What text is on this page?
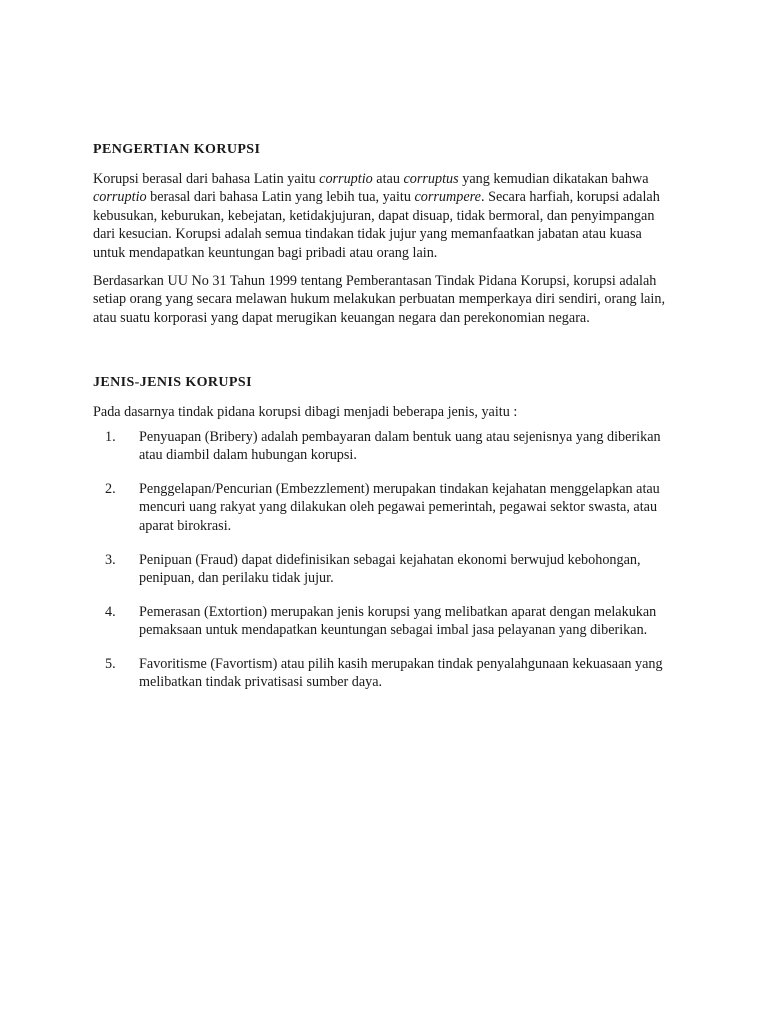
PENGERTIAN KORUPSI

Korupsi berasal dari bahasa Latin yaitu corruptio atau corruptus yang kemudian dikatakan bahwa corruptio berasal dari bahasa Latin yang lebih tua, yaitu corrumpere. Secara harfiah, korupsi adalah kebusukan, keburukan, kebejatan, ketidakjujuran, dapat disuap, tidak bermoral, dan penyimpangan dari kesucian. Korupsi adalah semua tindakan tidak jujur yang memanfaatkan jabatan atau kuasa untuk mendapatkan keuntungan bagi pribadi atau orang lain.

Berdasarkan UU No 31 Tahun 1999 tentang Pemberantasan Tindak Pidana Korupsi, korupsi adalah setiap orang yang secara melawan hukum melakukan perbuatan memperkaya diri sendiri, orang lain, atau suatu korporasi yang dapat merugikan keuangan negara dan perekonomian negara.

JENIS-JENIS KORUPSI

Pada dasarnya tindak pidana korupsi dibagi menjadi beberapa jenis, yaitu :

1. Penyuapan (Bribery) adalah pembayaran dalam bentuk uang atau sejenisnya yang diberikan atau diambil dalam hubungan korupsi.
2. Penggelapan/Pencurian (Embezzlement) merupakan tindakan kejahatan menggelapkan atau mencuri uang rakyat yang dilakukan oleh pegawai pemerintah, pegawai sektor swasta, atau aparat birokrasi.
3. Penipuan (Fraud) dapat didefinisikan sebagai kejahatan ekonomi berwujud kebohongan, penipuan, dan perilaku tidak jujur.
4. Pemerasan (Extortion) merupakan jenis korupsi yang melibatkan aparat dengan melakukan pemaksaan untuk mendapatkan keuntungan sebagai imbal jasa pelayanan yang diberikan.
5. Favoritisme (Favortism) atau pilih kasih merupakan tindak penyalahgunaan kekuasaan yang melibatkan tindak privatisasi sumber daya.
